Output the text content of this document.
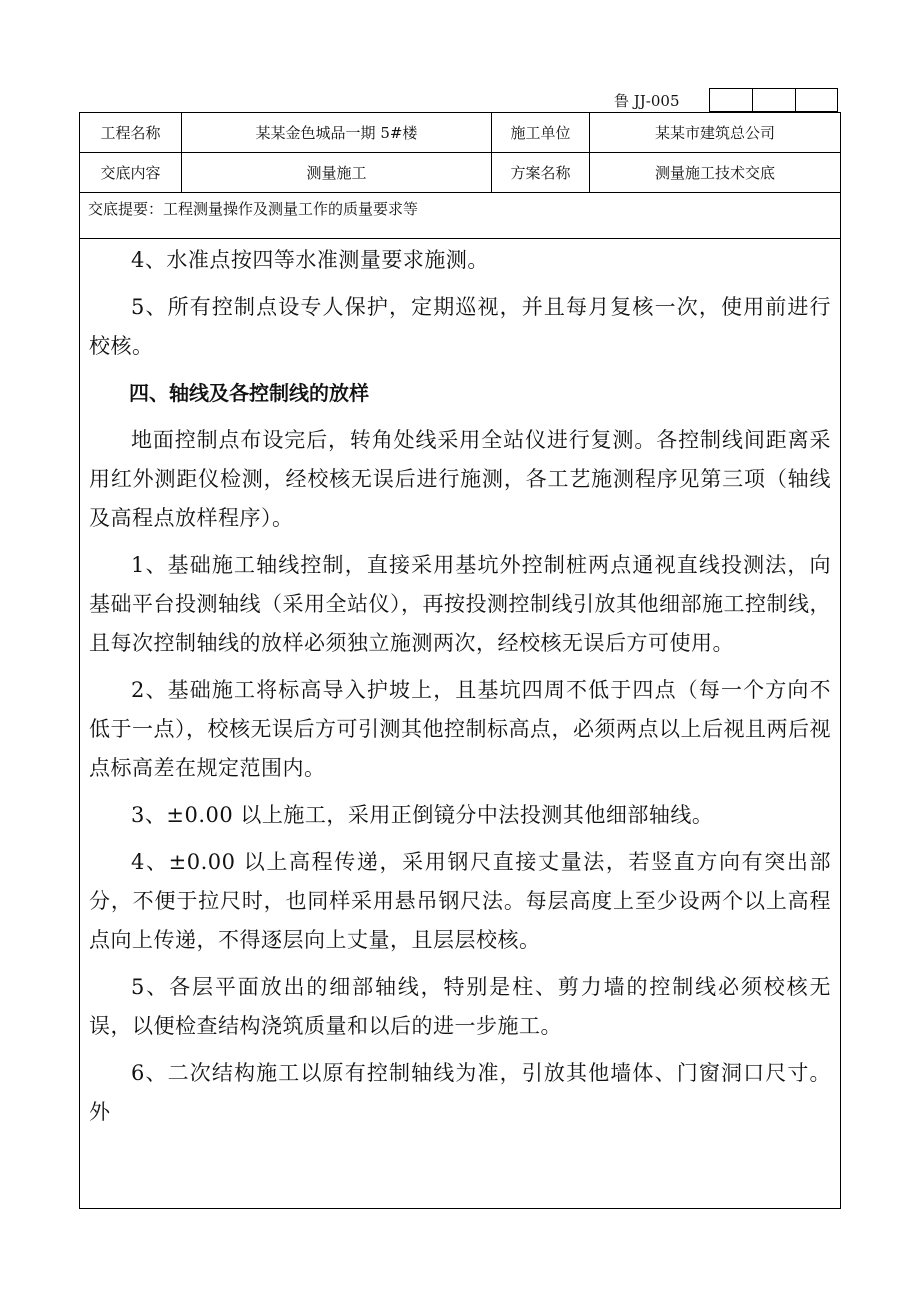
鲁 JJ-005
工程名称	某某金色城品一期 5#楼	施工单位	某某市建筑总公司
交底内容	测量施工	方案名称	测量施工技术交底
交底提要：工程测量操作及测量工作的质量要求等

4、水准点按四等水准测量要求施测。

5、所有控制点设专人保护，定期巡视，并且每月复核一次，使用前进行校核。

四、轴线及各控制线的放样

地面控制点布设完后，转角处线采用全站仪进行复测。各控制线间距离采用红外测距仪检测，经校核无误后进行施测，各工艺施测程序见第三项（轴线及高程点放样程序）。

1、基础施工轴线控制，直接采用基坑外控制桩两点通视直线投测法，向基础平台投测轴线（采用全站仪），再按投测控制线引放其他细部施工控制线，且每次控制轴线的放样必须独立施测两次，经校核无误后方可使用。

2、基础施工将标高导入护坡上，且基坑四周不低于四点（每一个方向不低于一点），校核无误后方可引测其他控制标高点，必须两点以上后视且两后视点标高差在规定范围内。

3、±0.00 以上施工，采用正倒镜分中法投测其他细部轴线。

4、±0.00 以上高程传递，采用钢尺直接丈量法，若竖直方向有突出部分，不便于拉尺时，也同样采用悬吊钢尺法。每层高度上至少设两个以上高程点向上传递，不得逐层向上丈量，且层层校核。

5、各层平面放出的细部轴线，特别是柱、剪力墙的控制线必须校核无误，以便检查结构浇筑质量和以后的进一步施工。

6、二次结构施工以原有控制轴线为准，引放其他墙体、门窗洞口尺寸。外
